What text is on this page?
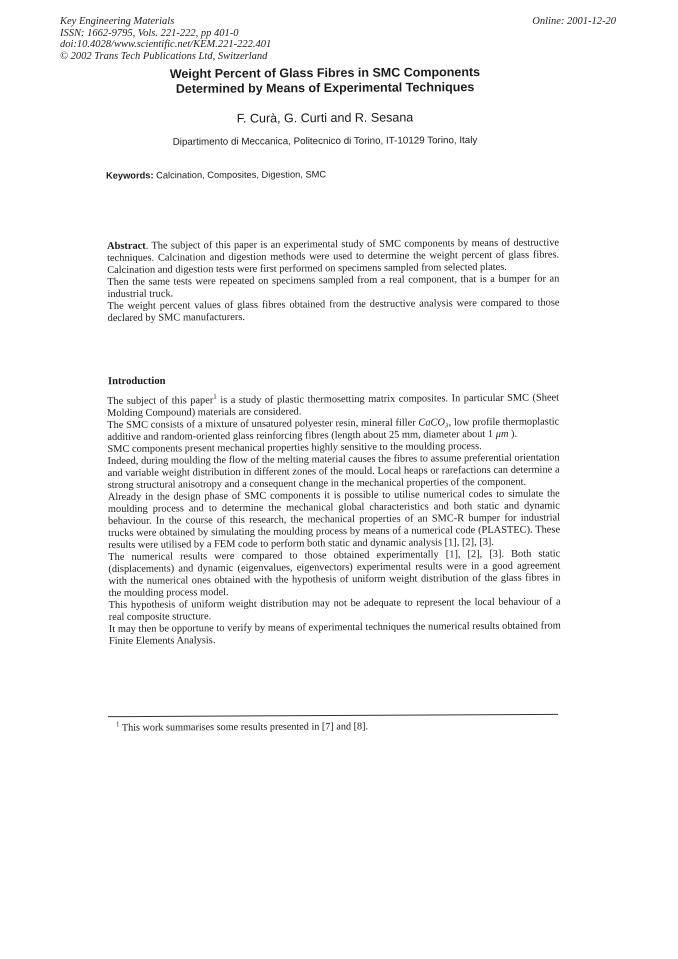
Key Engineering Materials
ISSN: 1662-9795, Vols. 221-222, pp 401-0
doi:10.4028/www.scientific.net/KEM.221-222.401
© 2002 Trans Tech Publications Ltd, Switzerland
Online: 2001-12-20
Weight Percent of Glass Fibres in SMC Components
Determined by Means of Experimental Techniques
F. Curà, G. Curti and R. Sesana
Dipartimento di Meccanica, Politecnico di Torino, IT-10129 Torino, Italy
Keywords: Calcination, Composites, Digestion, SMC

Abstract. The subject of this paper is an experimental study of SMC components by means of destructive techniques. Calcination and digestion methods were used to determine the weight percent of glass fibres. Calcination and digestion tests were first performed on specimens sampled from selected plates.

Then the same tests were repeated on specimens sampled from a real component, that is a bumper for an industrial truck.

The weight percent values of glass fibres obtained from the destructive analysis were compared to those declared by SMC manufacturers.

Introduction

The subject of this paper$^1$ is a study of plastic thermosetting matrix composites. In particular SMC (Sheet Molding Compound) materials are considered.

The SMC consists of a mixture of unsatured polyester resin, mineral filler CaCO₃, low profile thermoplastic additive and random-oriented glass reinforcing fibres (length about 25 mm, diameter about 1 μm ).

SMC components present mechanical properties highly sensitive to the moulding process.

Indeed, during moulding the flow of the melting material causes the fibres to assume preferential orientation and variable weight distribution in different zones of the mould. Local heaps or rarefactions can determine a strong structural anisotropy and a consequent change in the mechanical properties of the component.

Already in the design phase of SMC components it is possible to utilise numerical codes to simulate the moulding process and to determine the mechanical global characteristics and both static and dynamic behaviour. In the course of this research, the mechanical properties of an SMC-R bumper for industrial trucks were obtained by simulating the moulding process by means of a numerical code (PLASTEC). These results were utilised by a FEM code to perform both static and dynamic analysis [1], [2], [3].

The numerical results were compared to those obtained experimentally [1], [2], [3]. Both static (displacements) and dynamic (eigenvalues, eigenvectors) experimental results were in a good agreement with the numerical ones obtained with the hypothesis of uniform weight distribution of the glass fibres in the moulding process model.

This hypothesis of uniform weight distribution may not be adequate to represent the local behaviour of a real composite structure.

It may then be opportune to verify by means of experimental techniques the numerical results obtained from Finite Elements Analysis.

$^1$ This work summarises some results presented in [7] and [8].
